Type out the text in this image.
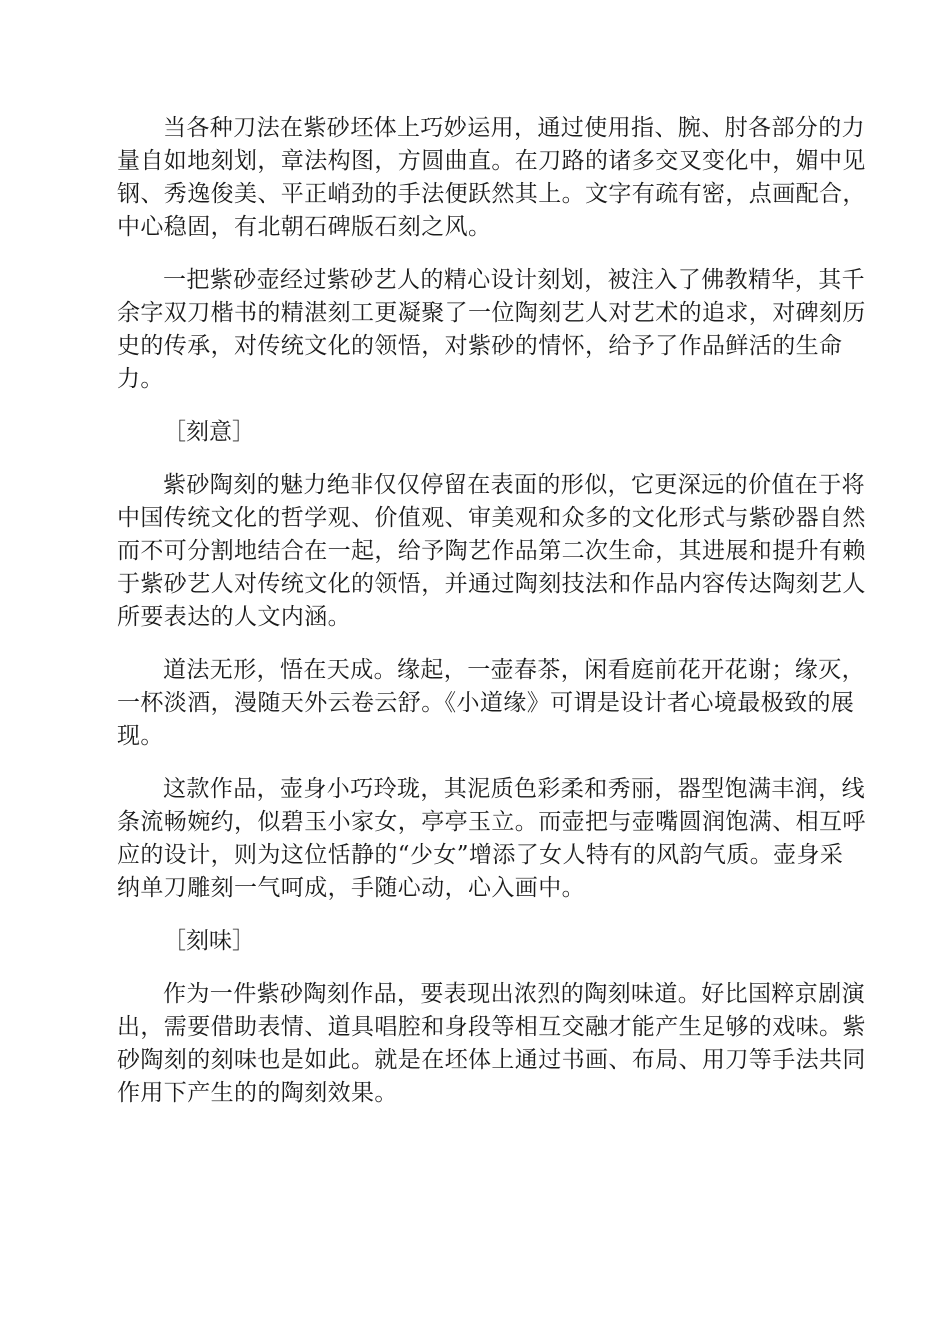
当各种刀法在紫砂坯体上巧妙运用，通过使用指、腕、肘各部分的力
量自如地刻划，章法构图，方圆曲直。在刀路的诸多交叉变化中，媚中见
钢、秀逸俊美、平正峭劲的手法便跃然其上。文字有疏有密，点画配合，
中心稳固，有北朝石碑版石刻之风。
一把紫砂壶经过紫砂艺人的精心设计刻划，被注入了佛教精华，其千
余字双刀楷书的精湛刻工更凝聚了一位陶刻艺人对艺术的追求，对碑刻历
史的传承，对传统文化的领悟，对紫砂的情怀，给予了作品鲜活的生命
力。
［刻意］
紫砂陶刻的魅力绝非仅仅停留在表面的形似，它更深远的价值在于将
中国传统文化的哲学观、价值观、审美观和众多的文化形式与紫砂器自然
而不可分割地结合在一起，给予陶艺作品第二次生命，其进展和提升有赖
于紫砂艺人对传统文化的领悟，并通过陶刻技法和作品内容传达陶刻艺人
所要表达的人文内涵。
道法无形，悟在天成。缘起，一壶春茶，闲看庭前花开花谢；缘灭，
一杯淡酒，漫随天外云卷云舒。《小道缘》可谓是设计者心境最极致的展
现。
这款作品，壶身小巧玲珑，其泥质色彩柔和秀丽，器型饱满丰润，线
条流畅婉约，似碧玉小家女，亭亭玉立。而壶把与壶嘴圆润饱满、相互呼
应的设计，则为这位恬静的“少女”增添了女人特有的风韵气质。壶身采
纳单刀雕刻一气呵成，手随心动，心入画中。
［刻味］
作为一件紫砂陶刻作品，要表现出浓烈的陶刻味道。好比国粹京剧演
出，需要借助表情、道具唱腔和身段等相互交融才能产生足够的戏味。紫
砂陶刻的刻味也是如此。就是在坯体上通过书画、布局、用刀等手法共同
作用下产生的的陶刻效果。
